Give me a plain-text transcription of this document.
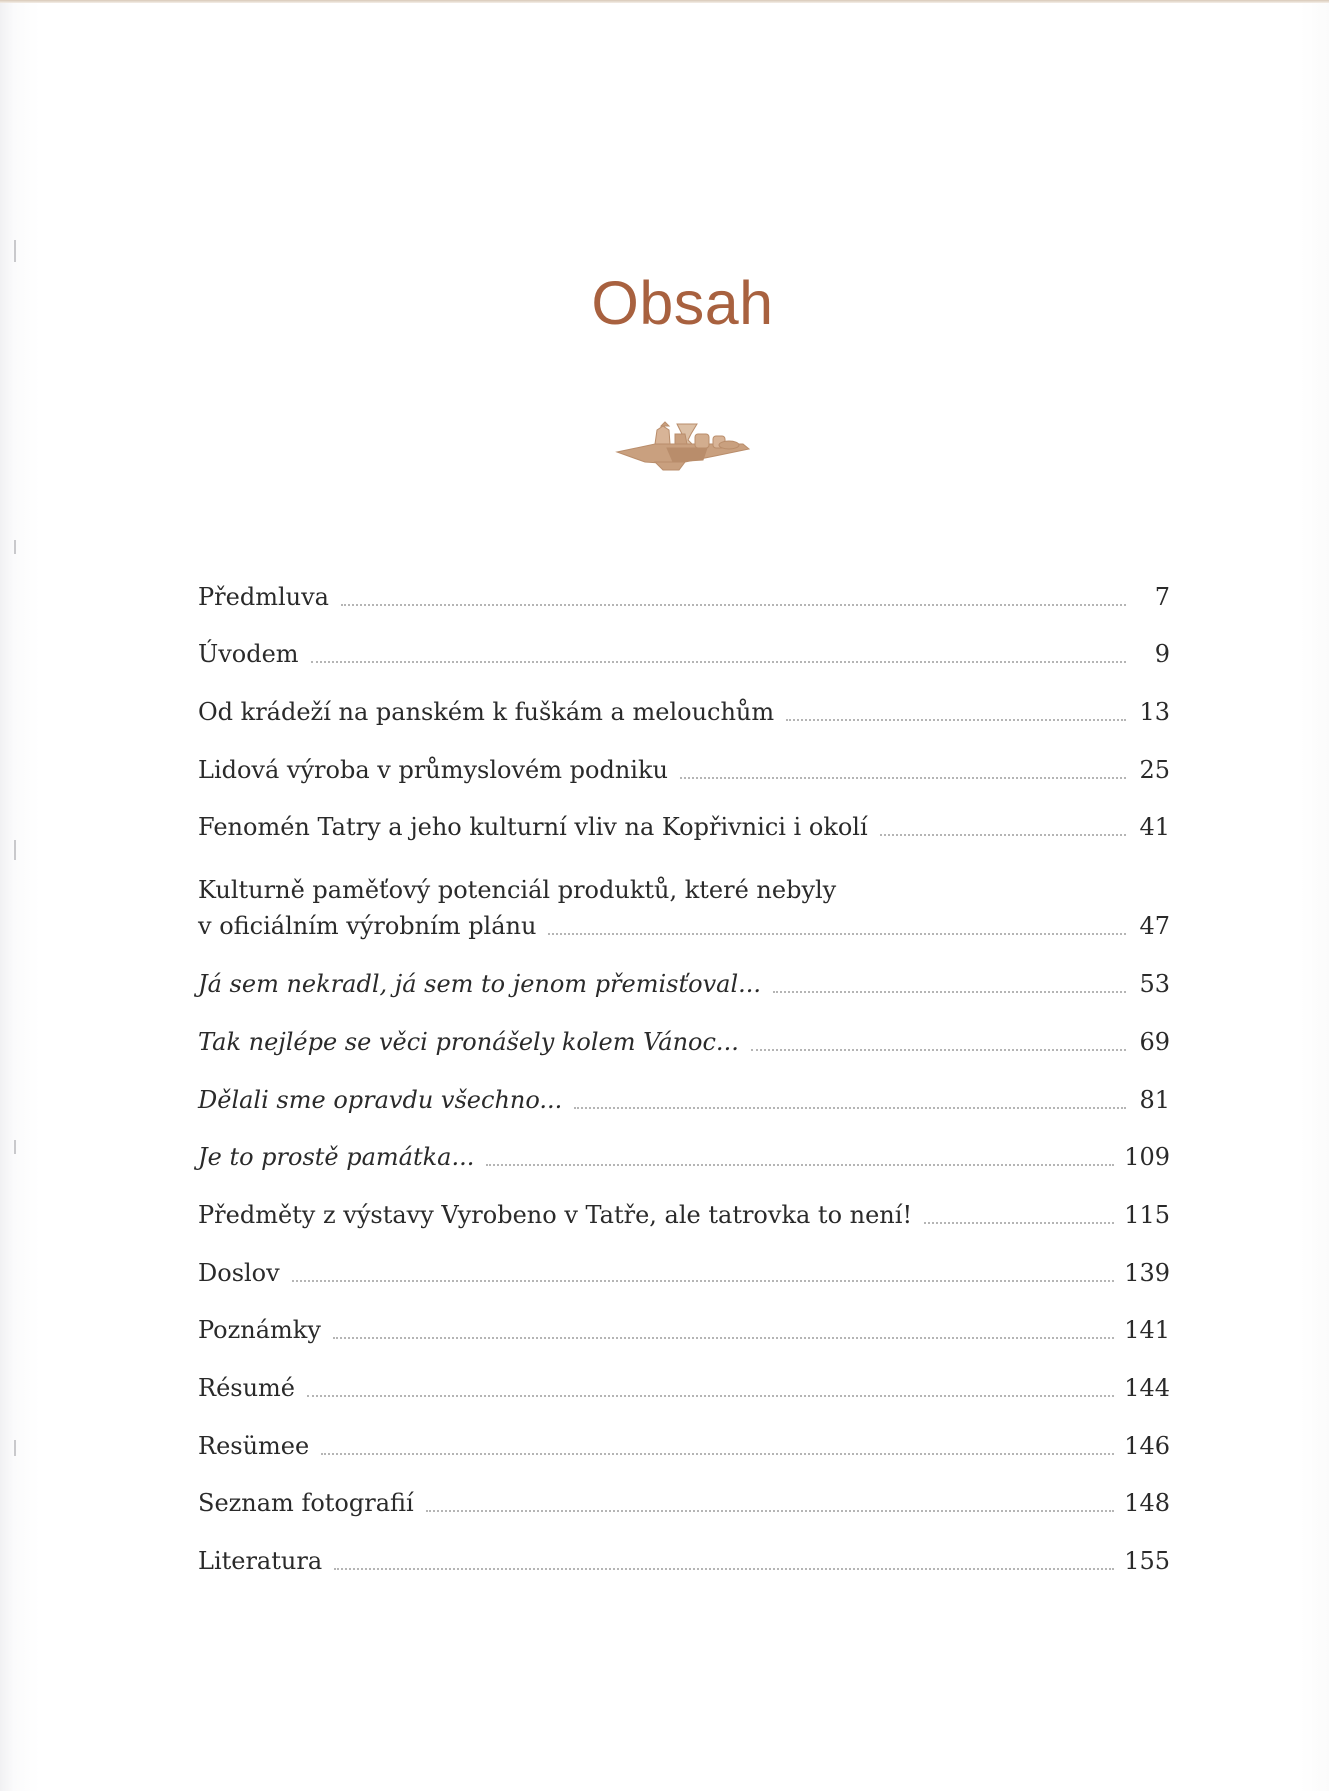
Obsah
Předmluva	7
Úvodem	9
Od krádeží na panském k fuškám a melouchům	13
Lidová výroba v průmyslovém podniku	25
Fenomén Tatry a jeho kulturní vliv na Kopřivnici i okolí	41
Kulturně paměťový potenciál produktů, které nebyly
v oficiálním výrobním plánu	47
Já sem nekradl, já sem to jenom přemisťoval...	53
Tak nejlépe se věci pronášely kolem Vánoc...	69
Dělali sme opravdu všechno...	81
Je to prostě památka...	109
Předměty z výstavy Vyrobeno v Tatře, ale tatrovka to není!	115
Doslov	139
Poznámky	141
Résumé	144
Resümee	146
Seznam fotografií	148
Literatura	155
